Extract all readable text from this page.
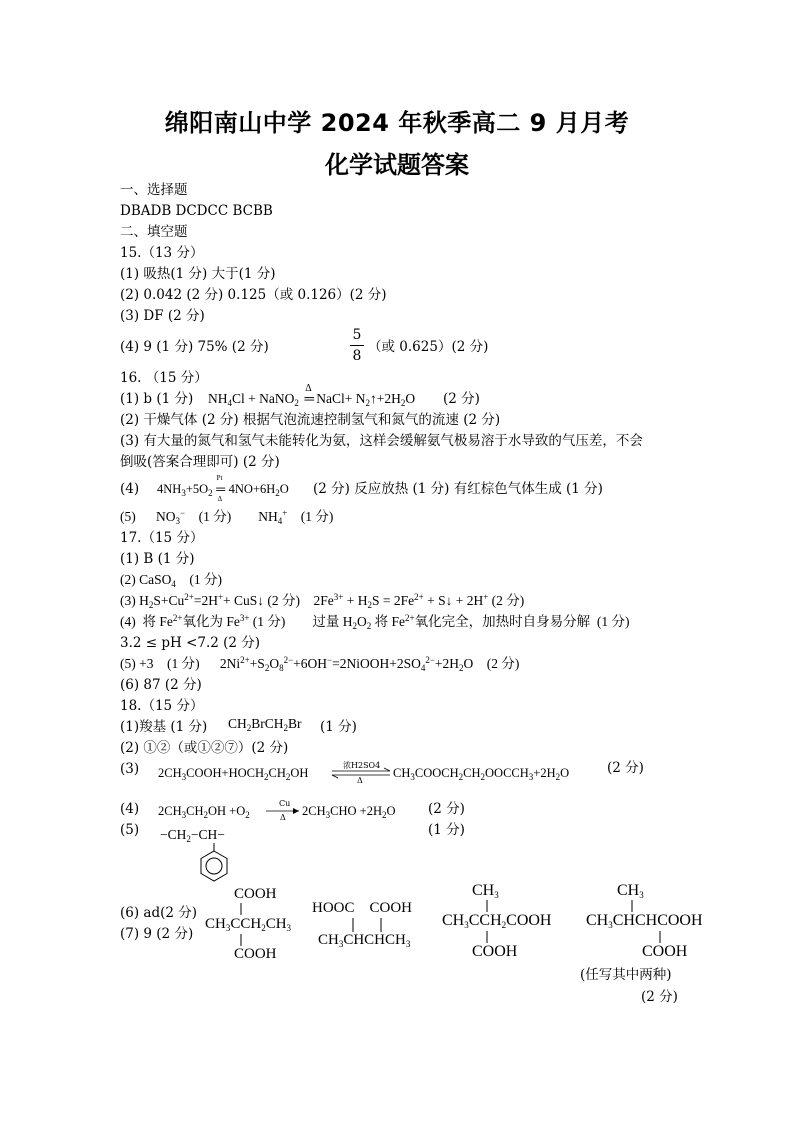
绵阳南山中学 2024 年秋季高二 9 月月考
化学试题答案
一、选择题
DBADB DCDCC BCBB
二、填空题
15.（13 分）
(1) 吸热(1 分) 大于(1 分)
(2) 0.042 (2 分) 0.125（或 0.126）(2 分)
(3) DF (2 分)
(4) 9 (1 分) 75% (2 分)
5
8
（或 0.625）(2 分)
16. （15 分）
(1) b (1 分) $NH_4Cl$ + NaNO$_2$
Δ
═ NaCl+ $N_2↑+2H_2O$ (2 分)
(2) 干燥气体 (2 分) 根据气泡流速控制氢气和氮气的流速 (2 分)
(3) 有大量的氮气和氢气未能转化为氨，这样会缓解氨气极易溶于水导致的气压差，不会
倒吸(答案合理即可) (2 分)
(4) $4NH_3+5O_2$
Pt
═
Δ
$4NO+6H_2O$ (2 分) 反应放热 (1 分) 有红棕色气体生成 (1 分)
(5)      $NO_3^-$    (1 分)        $NH_4^+$    (1 分)
17.（15 分）
(1) B (1 分)
(2) CaSO$_4$    (1 分)
(3) $H_2S+Cu^{2+}=2H^++$ CuS↓ (2 分)    $2Fe^{3+} + H_2S = 2Fe^{2+}$ + S↓ + 2H+ (2 分)
(4)  将 $Fe^{2+}$氧化为 $Fe^{3+}$ (1 分)        过量 $H_2O_2$ 将 $Fe^{2+}$氧化完全，加热时自身易分解  (1 分)
3.2 ≤ pH <7.2 (2 分)
(5) +3    (1 分)      $2Ni^{2+}+S_2O_8^{2-}+6OH^-=2NiOOH+2SO_4^{2-}+2H_2O$    (2 分)
(6) 87 (2 分)
18.（15 分）
(1)羧基 (1 分) $CH_2BrCH_2Br$ (1 分)
(2) ①②（或①②⑦）(2 分)
(3) $2CH_3COOH+HOCH_2CH_2OH$ ⇌
浓H2SO4
Δ
$CH_3COOCH_2CH_2OOCCH_3+2H_2O$	(2 分)
(4) $2CH_3CH_2OH +O_2$ →
Cu
Δ $2CH_3CHO +2H_2O$ (2 分)
(5)	(1 分)
$-CH_2-CH-$
(6) ad(2 分)
(7) 9 (2 分)
COOH
$CH_3CCH_2CH_3$
COOH
HOOC    COOH
$CH_3CHCHCH_3$
$CH_3$
$CH_3CCH_2COOH$
COOH
$CH_3$
$CH_3CHCHCOOH$
COOH
(任写其中两种)
(2 分)
